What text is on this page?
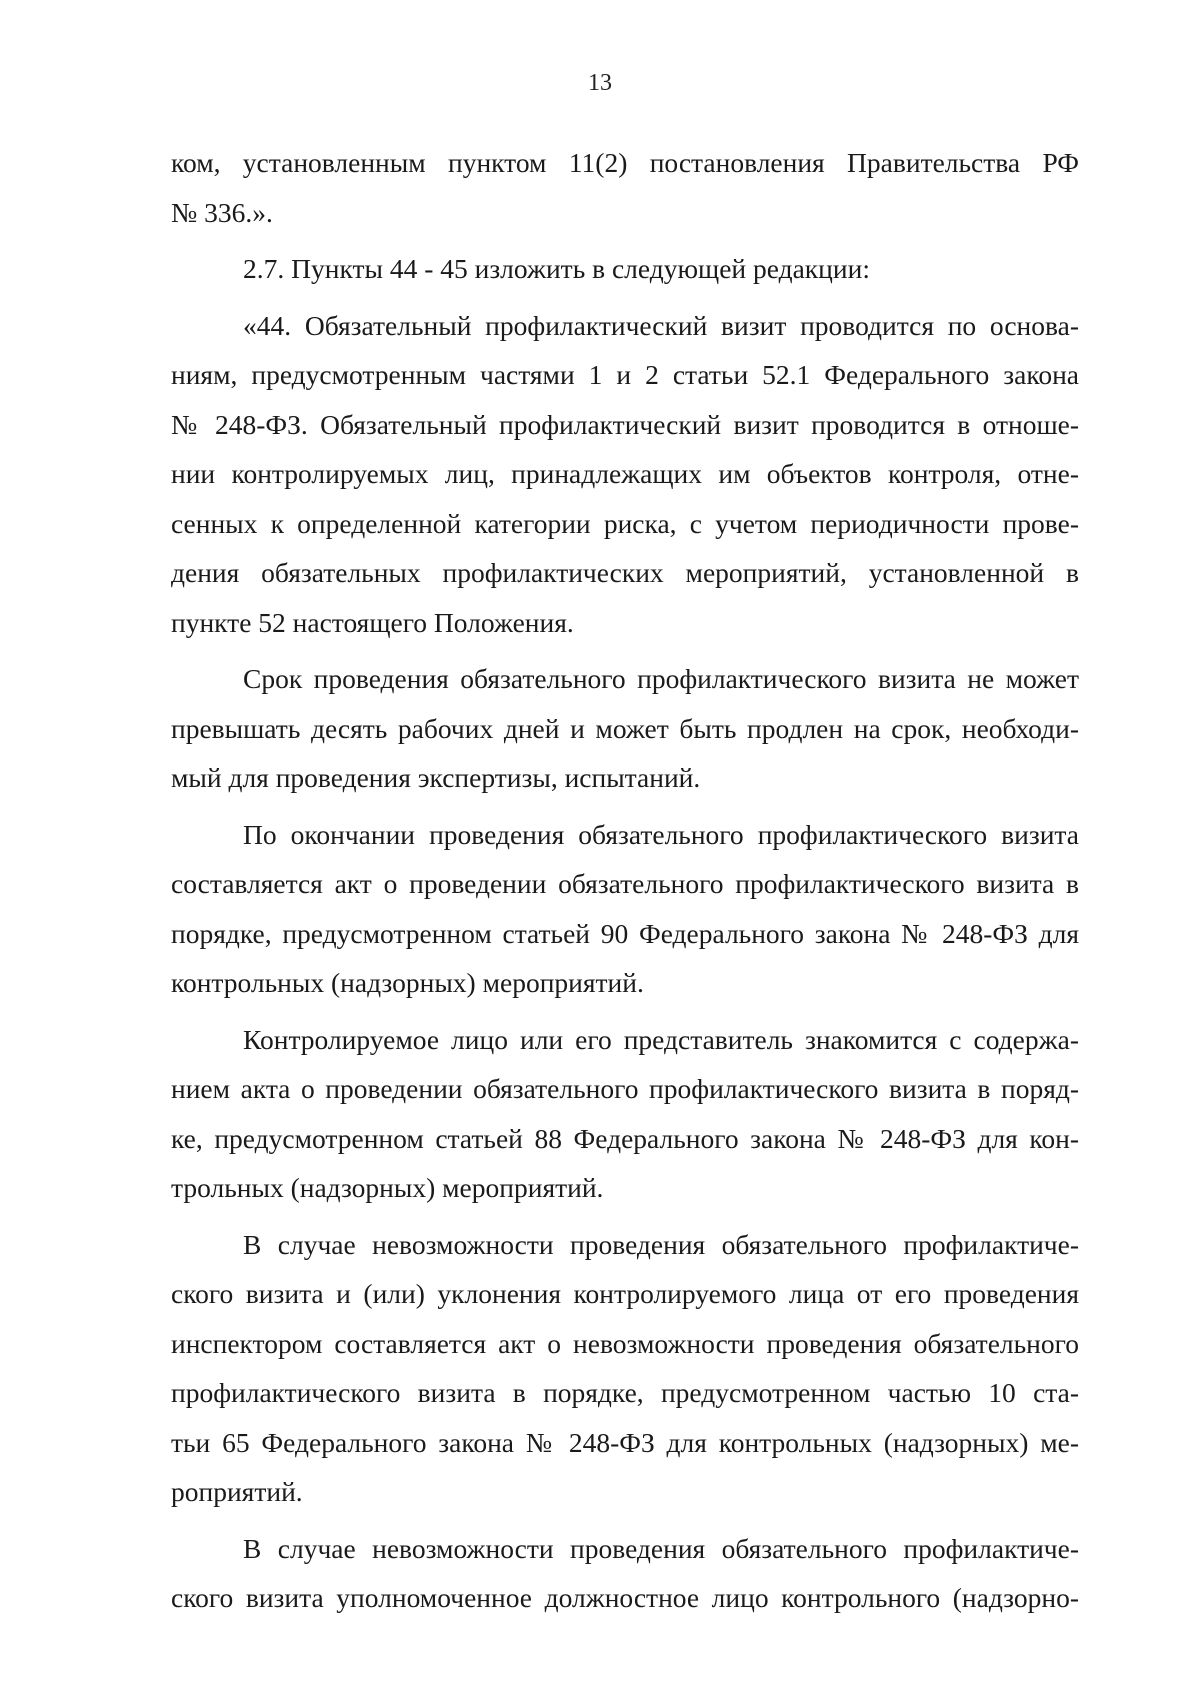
13
ком, установленным пунктом 11(2) постановления Правительства РФ
№ 336.».
2.7. Пункты 44 - 45 изложить в следующей редакции:
«44. Обязательный профилактический визит проводится по основа-
ниям, предусмотренным частями 1 и 2 статьи 52.1 Федерального закона
№ 248-ФЗ. Обязательный профилактический визит проводится в отноше-
нии контролируемых лиц, принадлежащих им объектов контроля, отне-
сенных к определенной категории риска, с учетом периодичности прове-
дения обязательных профилактических мероприятий, установленной в
пункте 52 настоящего Положения.
Срок проведения обязательного профилактического визита не может
превышать десять рабочих дней и может быть продлен на срок, необходи-
мый для проведения экспертизы, испытаний.
По окончании проведения обязательного профилактического визита
составляется акт о проведении обязательного профилактического визита в
порядке, предусмотренном статьей 90 Федерального закона № 248-ФЗ для
контрольных (надзорных) мероприятий.
Контролируемое лицо или его представитель знакомится с содержа-
нием акта о проведении обязательного профилактического визита в поряд-
ке, предусмотренном статьей 88 Федерального закона № 248-ФЗ для кон-
трольных (надзорных) мероприятий.
В случае невозможности проведения обязательного профилактиче-
ского визита и (или) уклонения контролируемого лица от его проведения
инспектором составляется акт о невозможности проведения обязательного
профилактического визита в порядке, предусмотренном частью 10 ста-
тьи 65 Федерального закона № 248-ФЗ для контрольных (надзорных) ме-
роприятий.
В случае невозможности проведения обязательного профилактиче-
ского визита уполномоченное должностное лицо контрольного (надзорно-
